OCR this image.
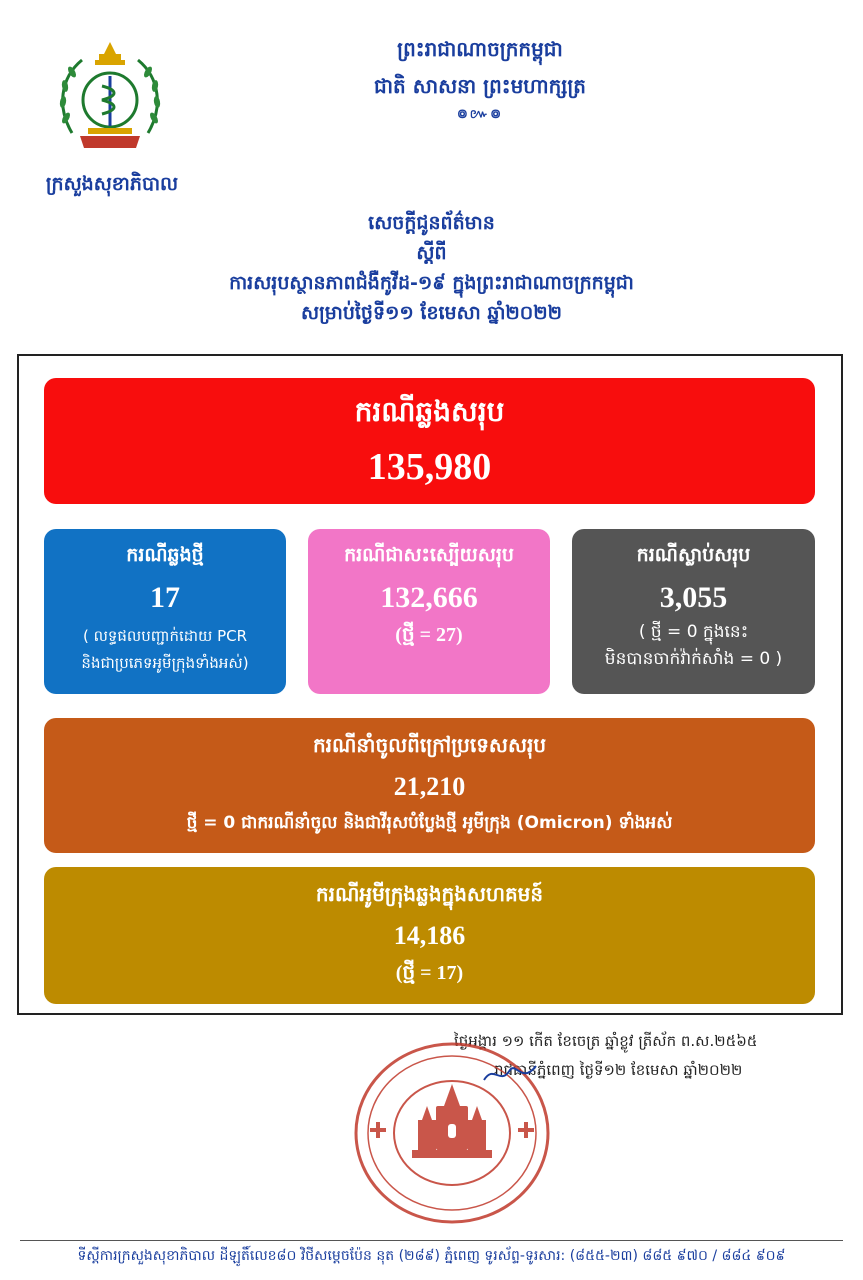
ក្រសួងសុខាភិបាល
ព្រះរាជាណាចក្រកម្ពុជា
ជាតិ សាសនា ព្រះមហាក្សត្រ
៙៚៙
សេចក្ដីជូនព័ត៌មាន
ស្ដីពី
ការសរុបស្ថានភាពជំងឺកូវីដ-១៩ ក្នុងព្រះរាជាណាចក្រកម្ពុជា
សម្រាប់ថ្ងៃទី១១ ខែមេសា ឆ្នាំ២០២២
ករណីឆ្លងសរុប
135,980
ករណីឆ្លងថ្មី
17
( លទ្ធផលបញ្ជាក់ដោយ PCR
និងជាប្រភេទអូមីក្រុងទាំងអស់)
ករណីជាសះស្បើយសរុប
132,666
(ថ្មី = 27)
ករណីស្លាប់សរុប
3,055
( ថ្មី = 0 ក្នុងនេះ
មិនបានចាក់វ៉ាក់សាំង = 0 )
ករណីនាំចូលពីក្រៅប្រទេសសរុប
21,210
ថ្មី = 0 ជាករណីនាំចូល និងជាវីរុសបំប្លែងថ្មី អូមីក្រុង (Omicron) ទាំងអស់
ករណីអូមីក្រុងឆ្លងក្នុងសហគមន៍
14,186
(ថ្មី = 17)
ថ្ងៃអង្គារ ១១ កើត ខែចេត្រ ឆ្នាំខ្លូវ ត្រីស័ក ព.ស.២៥៦៥
រាជធានីភ្នំពេញ ថ្ងៃទី១២ ខែមេសា ឆ្នាំ២០២២
ទីស្ដីការក្រសួងសុខាភិបាល ដីឡូតិ៍លេខ៨០ វិថីសម្ដេចប៉ែន នុត (២៨៩) ភ្នំពេញ ទូរស័ព្ទ-ទូរសារ: (៨៥៥-២៣) ៨៨៥ ៩៧០ / ៨៨៤ ៩០៩
